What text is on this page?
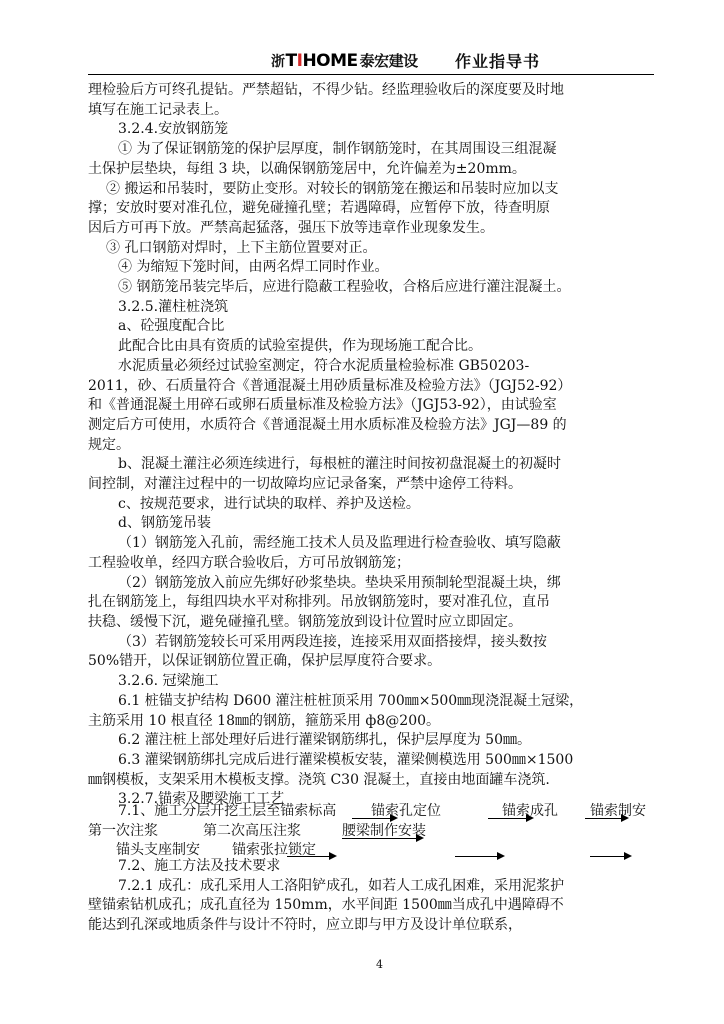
浙TIHOME 泰宏建设 作业指导书

理检验后方可终孔提钻。严禁超钻，不得少钻。经监理验收后的深度要及时地

填写在施工记录表上。

3.2.4.安放钢筋笼

① 为了保证钢筋笼的保护层厚度，制作钢筋笼时，在其周围设三组混凝

土保护层垫块，每组 3 块，以确保钢筋笼居中，允许偏差为±20mm。

② 搬运和吊装时，要防止变形。对较长的钢筋笼在搬运和吊装时应加以支

撑；安放时要对准孔位，避免碰撞孔壁；若遇障碍，应暂停下放，待查明原

因后方可再下放。严禁高起猛落，强压下放等违章作业现象发生。

③ 孔口钢筋对焊时，上下主筋位置要对正。

④ 为缩短下笼时间，由两名焊工同时作业。

⑤ 钢筋笼吊装完毕后，应进行隐蔽工程验收，合格后应进行灌注混凝土。

3.2.5.灌柱桩浇筑

a、砼强度配合比

此配合比由具有资质的试验室提供，作为现场施工配合比。

水泥质量必须经过试验室测定，符合水泥质量检验标准 GB50203-

2011，砂、石质量符合《普通混凝土用砂质量标准及检验方法》（JGJ52-92）

和《普通混凝土用碎石或卵石质量标准及检验方法》（JGJ53-92），由试验室

测定后方可使用，水质符合《普通混凝土用水质标准及检验方法》JGJ—89 的

规定。

b、混凝土灌注必须连续进行，每根桩的灌注时间按初盘混凝土的初凝时

间控制，对灌注过程中的一切故障均应记录备案，严禁中途停工待料。

c、按规范要求，进行试块的取样、养护及送检。

d、钢筋笼吊装

（1）钢筋笼入孔前，需经施工技术人员及监理进行检查验收、填写隐蔽

工程验收单，经四方联合验收后，方可吊放钢筋笼；

（2）钢筋笼放入前应先绑好砂浆垫块。垫块采用预制轮型混凝土块，绑

扎在钢筋笼上，每组四块水平对称排列。吊放钢筋笼时，要对准孔位，直吊

扶稳、缓慢下沉，避免碰撞孔壁。钢筋笼放到设计位置时应立即固定。

（3）若钢筋笼较长可采用两段连接，连接采用双面搭接焊，接头数按

50%错开，以保证钢筋位置正确，保护层厚度符合要求。

3.2.6. 冠梁施工

6.1 桩锚支护结构 D600 灌注桩桩顶采用 700㎜×500㎜现浇混凝土冠梁，

主筋采用 10 根直径 18㎜的钢筋，箍筋采用 ф8@200。

6.2 灌注桩上部处理好后进行灌梁钢筋绑扎，保护层厚度为 50㎜。

6.3 灌梁钢筋绑扎完成后进行灌梁模板安装，灌梁侧模选用 500㎜×1500

㎜钢模板，支架采用木模板支撑。浇筑 C30 混凝土，直接由地面罐车浇筑.

3.2.7.锚索及腰梁施工工艺

7.1、施工分层开挖土层至锚索标高 锚索孔定位	锚索成孔 锚索制安
第一次注浆	第二次高压注浆	腰梁制作安装
锚头支座制安 锚索张拉锁定

7.2、施工方法及技术要求

7.2.1 成孔：成孔采用人工洛阳铲成孔，如若人工成孔困难，采用泥浆护

壁锚索钻机成孔；成孔直径为 150mm，水平间距 1500㎜当成孔中遇障碍不

能达到孔深或地质条件与设计不符时，应立即与甲方及设计单位联系，

4
